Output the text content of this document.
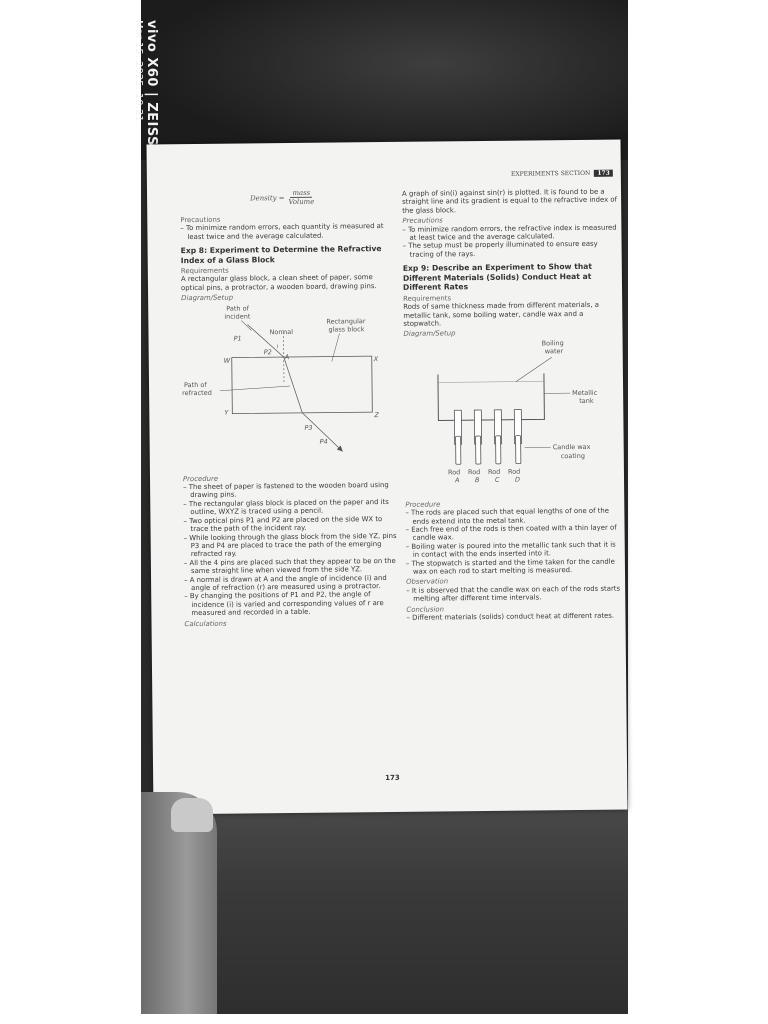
vivo X60 | ZEISS
Mar 15, 2025, 10:21
EXPERIMENTS SECTION 173
Density = $\frac{\text{mass}}{\text{Volume}}$

Precautions

– To minimize random errors, each quantity is measured at least twice and the average calculated.

Exp 8: Experiment to Determine the Refractive Index of a Glass Block

Requirements

A rectangular glass block, a clean sheet of paper, some optical pins, a protractor, a wooden board, drawing pins.

Diagram/Setup

Path of
incident
Normal
Rectangular
glass block
P1
P2
A
i
W	X
Y	Z
Path of
refracted
P3
P4

Procedure

– The sheet of paper is fastened to the wooden board using drawing pins.

– The rectangular glass block is placed on the paper and its outline, WXYZ is traced using a pencil.

– Two optical pins P1 and P2 are placed on the side WX to trace the path of the incident ray.

– While looking through the glass block from the side YZ, pins P3 and P4 are placed to trace the path of the emerging refracted ray.

– All the 4 pins are placed such that they appear to be on the same straight line when viewed from the side YZ.

– A normal is drawn at A and the angle of incidence (i) and angle of refraction (r) are measured using a protractor.

– By changing the positions of P1 and P2, the angle of incidence (i) is varied and corresponding values of r are measured and recorded in a table.

Calculations

A graph of sin(i) against sin(r) is plotted. It is found to be a straight line and its gradient is equal to the refractive index of the glass block.

Precautions

– To minimize random errors, the refractive index is measured at least twice and the average calculated.

– The setup must be properly illuminated to ensure easy tracing of the rays.

Exp 9: Describe an Experiment to Show that Different Materials (Solids) Conduct Heat at Different Rates

Requirements

Rods of same thickness made from different materials, a metallic tank, some boiling water, candle wax and a stopwatch.

Diagram/Setup

Boiling
water
Metallic
tank
Candle wax
coating
Rod Rod Rod Rod
A B C D

Procedure

– The rods are placed such that equal lengths of one of the ends extend into the metal tank.

– Each free end of the rods is then coated with a thin layer of candle wax.

– Boiling water is poured into the metallic tank such that it is in contact with the ends inserted into it.

– The stopwatch is started and the time taken for the candle wax on each rod to start melting is measured.

Observation

– It is observed that the candle wax on each of the rods starts melting after different time intervals.

Conclusion

– Different materials (solids) conduct heat at different rates.

173
